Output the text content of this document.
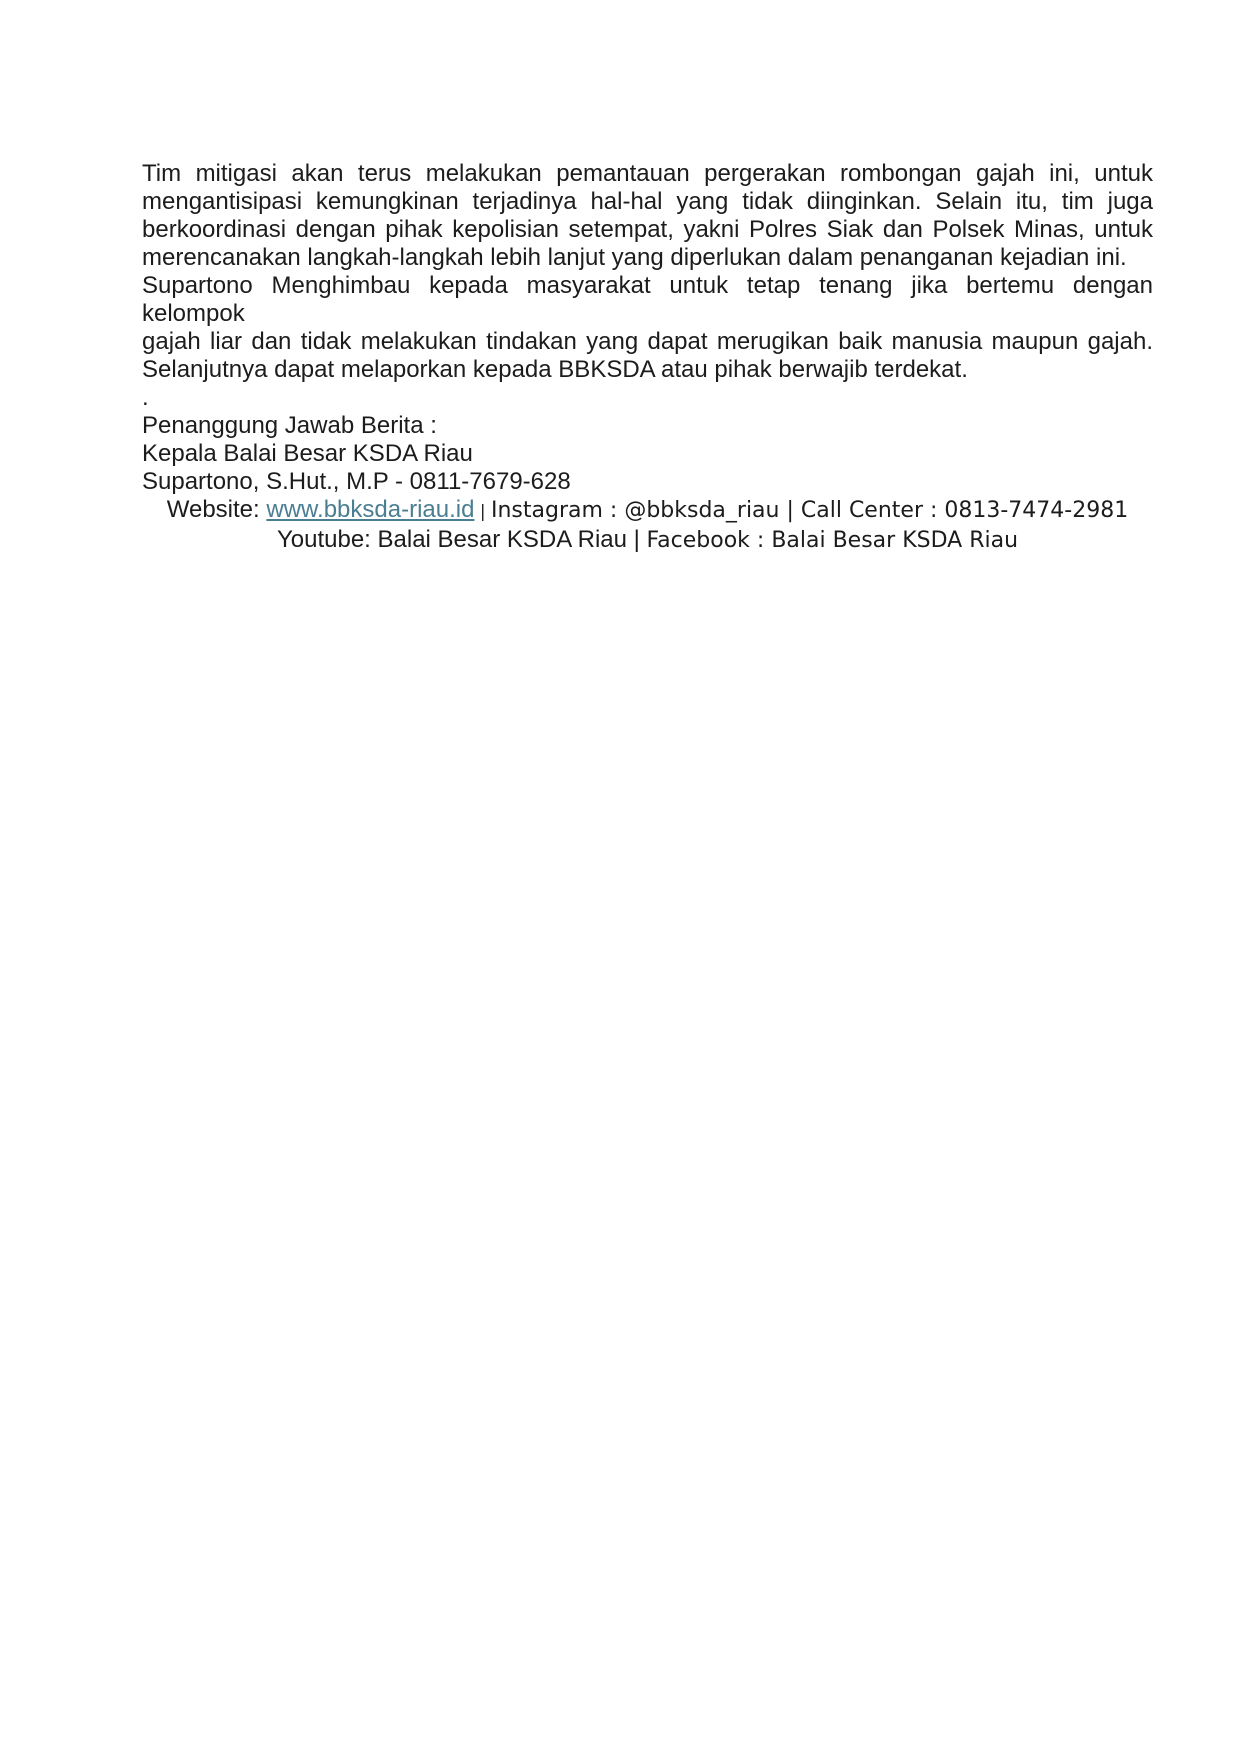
Tim mitigasi akan terus melakukan pemantauan pergerakan rombongan gajah ini, untuk
mengantisipasi kemungkinan terjadinya hal-hal yang tidak diinginkan. Selain itu, tim juga
berkoordinasi dengan pihak kepolisian setempat, yakni Polres Siak dan Polsek Minas, untuk
merencanakan langkah-langkah lebih lanjut yang diperlukan dalam penanganan kejadian ini.
Supartono Menghimbau kepada masyarakat untuk tetap tenang jika bertemu dengan kelompok
gajah liar dan tidak melakukan tindakan yang dapat merugikan baik manusia maupun gajah.
Selanjutnya dapat melaporkan kepada BBKSDA atau pihak berwajib terdekat.
.
Penanggung Jawab Berita :
Kepala Balai Besar KSDA Riau
Supartono, S.Hut., M.P - 0811-7679-628
Website: www.bbksda-riau.id | Instagram : @bbksda_riau | Call Center : 0813-7474-2981
Youtube: Balai Besar KSDA Riau | Facebook : Balai Besar KSDA Riau
